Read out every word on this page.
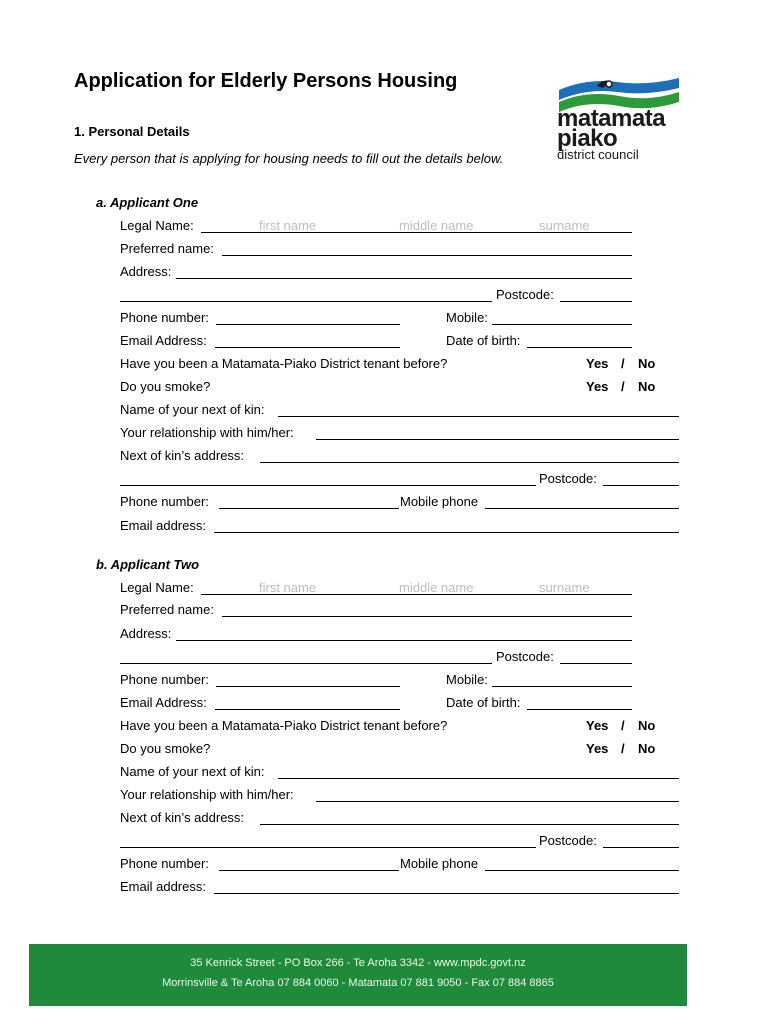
Application for Elderly Persons Housing
matamata
piako
district council
1. Personal Details
Every person that is applying for housing needs to fill out the details below.
a. Applicant One
Legal Name:	first name	middle name	surname
Preferred name:
Address:
Postcode:
Phone number:	Mobile:
Email Address:	Date of birth:
Have you been a Matamata-Piako District tenant before?	Yes / No
Do you smoke?	Yes / No
Name of your next of kin:
Your relationship with him/her:
Next of kin’s address:
Postcode:
Phone number:	Mobile phone
Email address:
b. Applicant Two
Legal Name:	first name	middle name	surname
Preferred name:
Address:
Postcode:
Phone number:	Mobile:
Email Address:	Date of birth:
Have you been a Matamata-Piako District tenant before?	Yes / No
Do you smoke?	Yes / No
Name of your next of kin:
Your relationship with him/her:
Next of kin’s address:
Postcode:
Phone number:	Mobile phone
Email address:
35 Kenrick Street - PO Box 266 - Te Aroha 3342 - www.mpdc.govt.nz
Morrinsville & Te Aroha 07 884 0060 - Matamata 07 881 9050 - Fax 07 884 8865
